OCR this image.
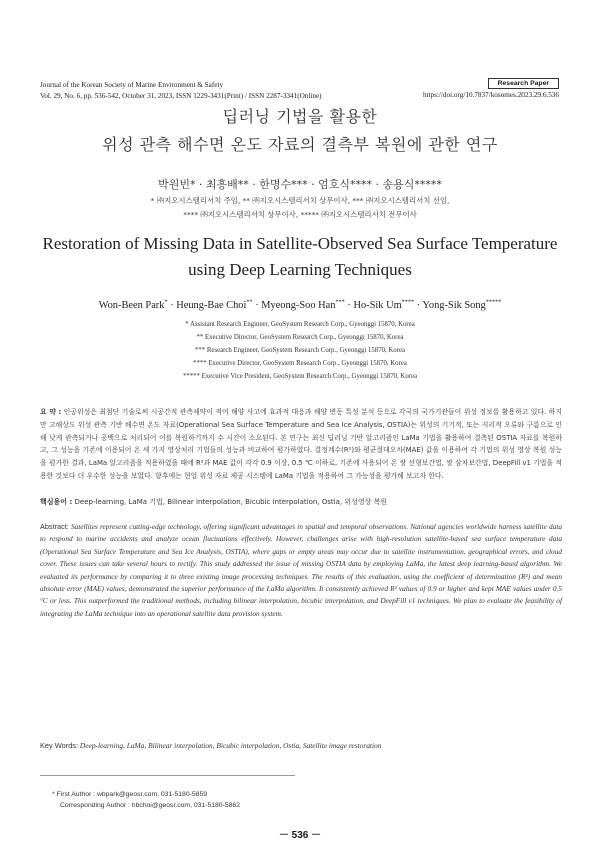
Journal of the Korean Society of Marine Environment & Safety
Vol. 29, No. 6, pp. 536-542, October 31, 2023, ISSN 1229-3431(Print) / ISSN 2287-3341(Online)
Research Paper
https://doi.org/10.7837/kosomes.2023.29.6.536
딥러닝 기법을 활용한
위성 관측 해수면 온도 자료의 결측부 복원에 관한 연구
박원빈* · 최흥배** · 한명수*** · 엄호식**** · 송용식*****
* ㈜지오시스템리서치 주임, ** ㈜지오시스템리서치 상무이사, *** ㈜지오시스템리서치 선임,
**** ㈜지오시스템리서치 상무이사, ***** ㈜지오시스템리서치 전무이사
Restoration of Missing Data in Satellite-Observed Sea Surface Temperature
using Deep Learning Techniques
Won-Been Park* · Heung-Bae Choi** · Myeong-Soo Han*** · Ho-Sik Um**** · Yong-Sik Song*****
* Assistant Research Engineer, GeoSystem Research Corp., Gyeonggi 15870, Korea
** Executive Director, GeoSystem Research Corp., Gyeonggi 15870, Korea
*** Research Engineer, GeoSystem Research Corp., Gyeonggi 15870, Korea
**** Executive Director, GeoSystem Research Corp., Gyeonggi 15870, Korea
***** Executive Vice President, GeoSystem Research Corp., Gyeonggi 15870, Korea
요 약 : 인공위성은 최첨단 기술로써 시공간적 관측제약이 적어 해양 사고에 효과적 대응과 해양 변동 특성 분석 등으로 각국의 국가기관들이 위성 정보를 활용하고 있다. 하지만 고해상도 위성 관측 기반 해수면 온도 자료(Operational Sea Surface Temperature and Sea Ice Analysis, OSTIA)는 위성의 기기적, 또는 지리적 오류와 구름으로 인해 낮게 관측되거나 공백으로 처리되어 이를 복원하기까지 수 시간이 소요된다. 본 연구는 최신 딥러닝 기반 알고리즘인 LaMa 기법을 활용하여 결측된 OSTIA 자료를 복원하고, 그 성능을 기존에 이용되어 온 세 가지 영상처리 기법들의 성능과 비교하여 평가하였다. 결정계수(R²)와 평균절대오차(MAE) 값을 이용하여 각 기법의 위성 영상 복원 성능을 평가한 결과, LaMa 알고리즘을 적용하였을 때에 R²과 MAE 값이 각각 0.9 이상, 0.5 ℃ 이하로, 기존에 사용되어 온 쌍 선형보간법, 쌍 삼차보간법, DeepFill v1 기법을 적용한 것보다 더 우수한 성능을 보였다. 향후에는 현업 위성 자료 제공 시스템에 LaMa 기법을 적용하여 그 가능성을 평가해 보고자 한다.
핵심용어 : Deep-learning, LaMa 기법, Bilinear interpolation, Bicubic interpolation, Ostia, 위성영상 복원
Abstract: Satellites represent cutting-edge technology, offering significant advantages in spatial and temporal observations. National agencies worldwide harness satellite data to respond to marine accidents and analyze ocean fluctuations effectively. However, challenges arise with high-resolution satellite-based sea surface temperature data (Operational Sea Surface Temperature and Sea Ice Analysis, OSTIA), where gaps or empty areas may occur due to satellite instrumentation, geographical errors, and cloud cover. These issues can take several hours to rectify. This study addressed the issue of missing OSTIA data by employing LaMa, the latest deep learning-based algorithm. We evaluated its performance by comparing it to three existing image processing techniques. The results of this evaluation, using the coefficient of determination (R²) and mean absolute error (MAE) values, demonstrated the superior performance of the LaMa algorithm. It consistently achieved R² values of 0.9 or higher and kept MAE values under 0.5 °C or less. This outperformed the traditional methods, including bilinear interpolation, bicubic interpolation, and DeepFill v1 techniques. We plan to evaluate the feasibility of integrating the LaMa technique into an operational satellite data provision system.
Key Words: Deep-learning, LaMa, Bilinear interpolation, Bicubic interpolation, Ostia, Satellite image restoration
* First Author : wbpark@geosr.com, 031-5180-5859
Corresponding Author : hbchoi@geosr.com, 031-5180-5862
－ 536 －
